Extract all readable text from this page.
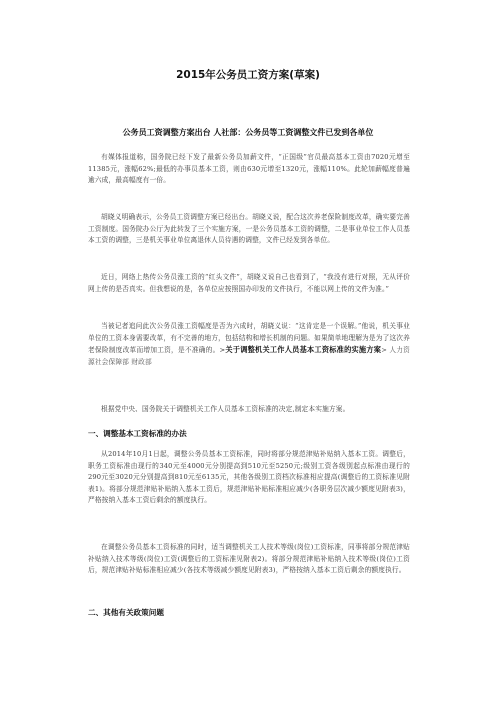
2015年公务员工资方案(草案)
公务员工资调整方案出台 人社部：公务员等工资调整文件已发到各单位

有媒体报道称，国务院已经下发了最新公务员加薪文件，“正国级”官员最高基本工资由7020元增至11385元，涨幅62%;最低的办事员基本工资，则由630元增至1320元，涨幅110%。此轮加薪幅度普遍逾六成，最高幅度有一倍。

胡晓义明确表示，公务员工资调整方案已经出台。胡晓义说，配合这次养老保险制度改革，确实要完善工资制度。国务院办公厅为此转发了三个实施方案，一是公务员基本工资的调整，二是事业单位工作人员基本工资的调整，三是机关事业单位离退休人员待遇的调整，文件已经发到各单位。

近日，网络上热传公务员涨工资的“红头文件”，胡晓义说自己也看到了，“我没有进行对照，无从评价网上传的是否真实。但我想说的是，各单位应按照国办印发的文件执行，不能以网上传的文件为准。”

当被记者追问此次公务员涨工资幅度是否为六成时，胡晓义说：“这肯定是一个误解。”他说，机关事业单位的工资本身需要改革，有不完善的地方，包括结构和增长机制的问题。如果简单地理解为是为了这次养老保险制度改革而增加工资，是不准确的。>关于调整机关工作人员基本工资标准的实施方案> 人力资源社会保障部 财政部

根据党中央、国务院关于调整机关工作人员基本工资标准的决定,制定本实施方案。

一、调整基本工资标准的办法

从2014年10月1日起，调整公务员基本工资标准，同时将部分规范津贴补贴纳入基本工资。调整后，职务工资标准由现行的340元至4000元分别提高到510元至5250元;级别工资各级别起点标准由现行的290元至3020元分别提高到810元至6135元，其他各级别工资档次标准相应提高(调整后的工资标准见附表1)。将部分规范津贴补贴纳入基本工资后，规范津贴补贴标准相应减少(各职务层次减少额度见附表3)，严格按纳入基本工资后剩余的额度执行。

在调整公务员基本工资标准的同时，适当调整机关工人技术等级(岗位)工资标准，同事将部分规范津贴补贴纳入技术等级(岗位)工资(调整后的工资标准见附表2)。将部分规范津贴补贴纳入技术等级(岗位)工资后，规范津贴补贴标准相应减少(各技术等级减少额度见附表3)，严格按纳入基本工资后剩余的额度执行。

二、其他有关政策问题
